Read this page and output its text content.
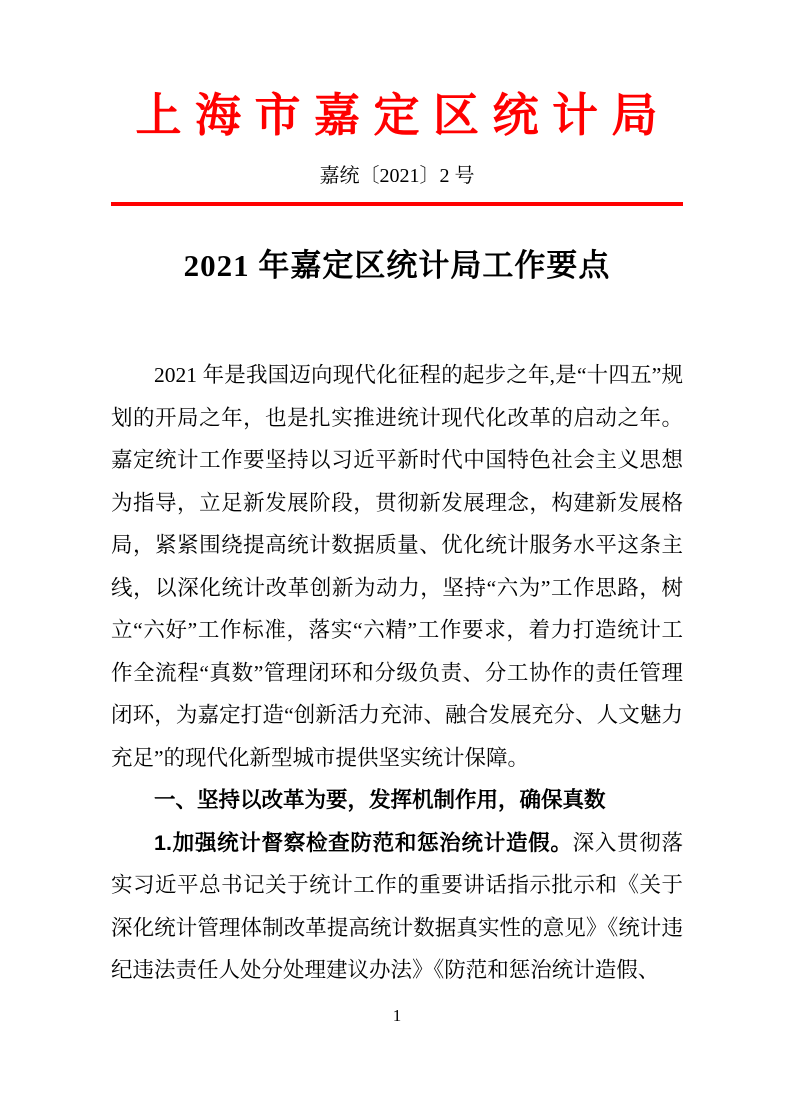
上 海 市 嘉 定 区 统 计 局
嘉统〔2021〕2 号
2021 年嘉定区统计局工作要点

2021 年是我国迈向现代化征程的起步之年,是“十四五”规划的开局之年，也是扎实推进统计现代化改革的启动之年。嘉定统计工作要坚持以习近平新时代中国特色社会主义思想为指导，立足新发展阶段，贯彻新发展理念，构建新发展格局，紧紧围绕提高统计数据质量、优化统计服务水平这条主线，以深化统计改革创新为动力，坚持“六为”工作思路，树立“六好”工作标准，落实“六精”工作要求，着力打造统计工作全流程“真数”管理闭环和分级负责、分工协作的责任管理闭环，为嘉定打造“创新活力充沛、融合发展充分、人文魅力充足”的现代化新型城市提供坚实统计保障。

一、坚持以改革为要，发挥机制作用，确保真数

1.加强统计督察检查防范和惩治统计造假。深入贯彻落实习近平总书记关于统计工作的重要讲话指示批示和《关于深化统计管理体制改革提高统计数据真实性的意见》《统计违纪违法责任人处分处理建议办法》《防范和惩治统计造假、

1
